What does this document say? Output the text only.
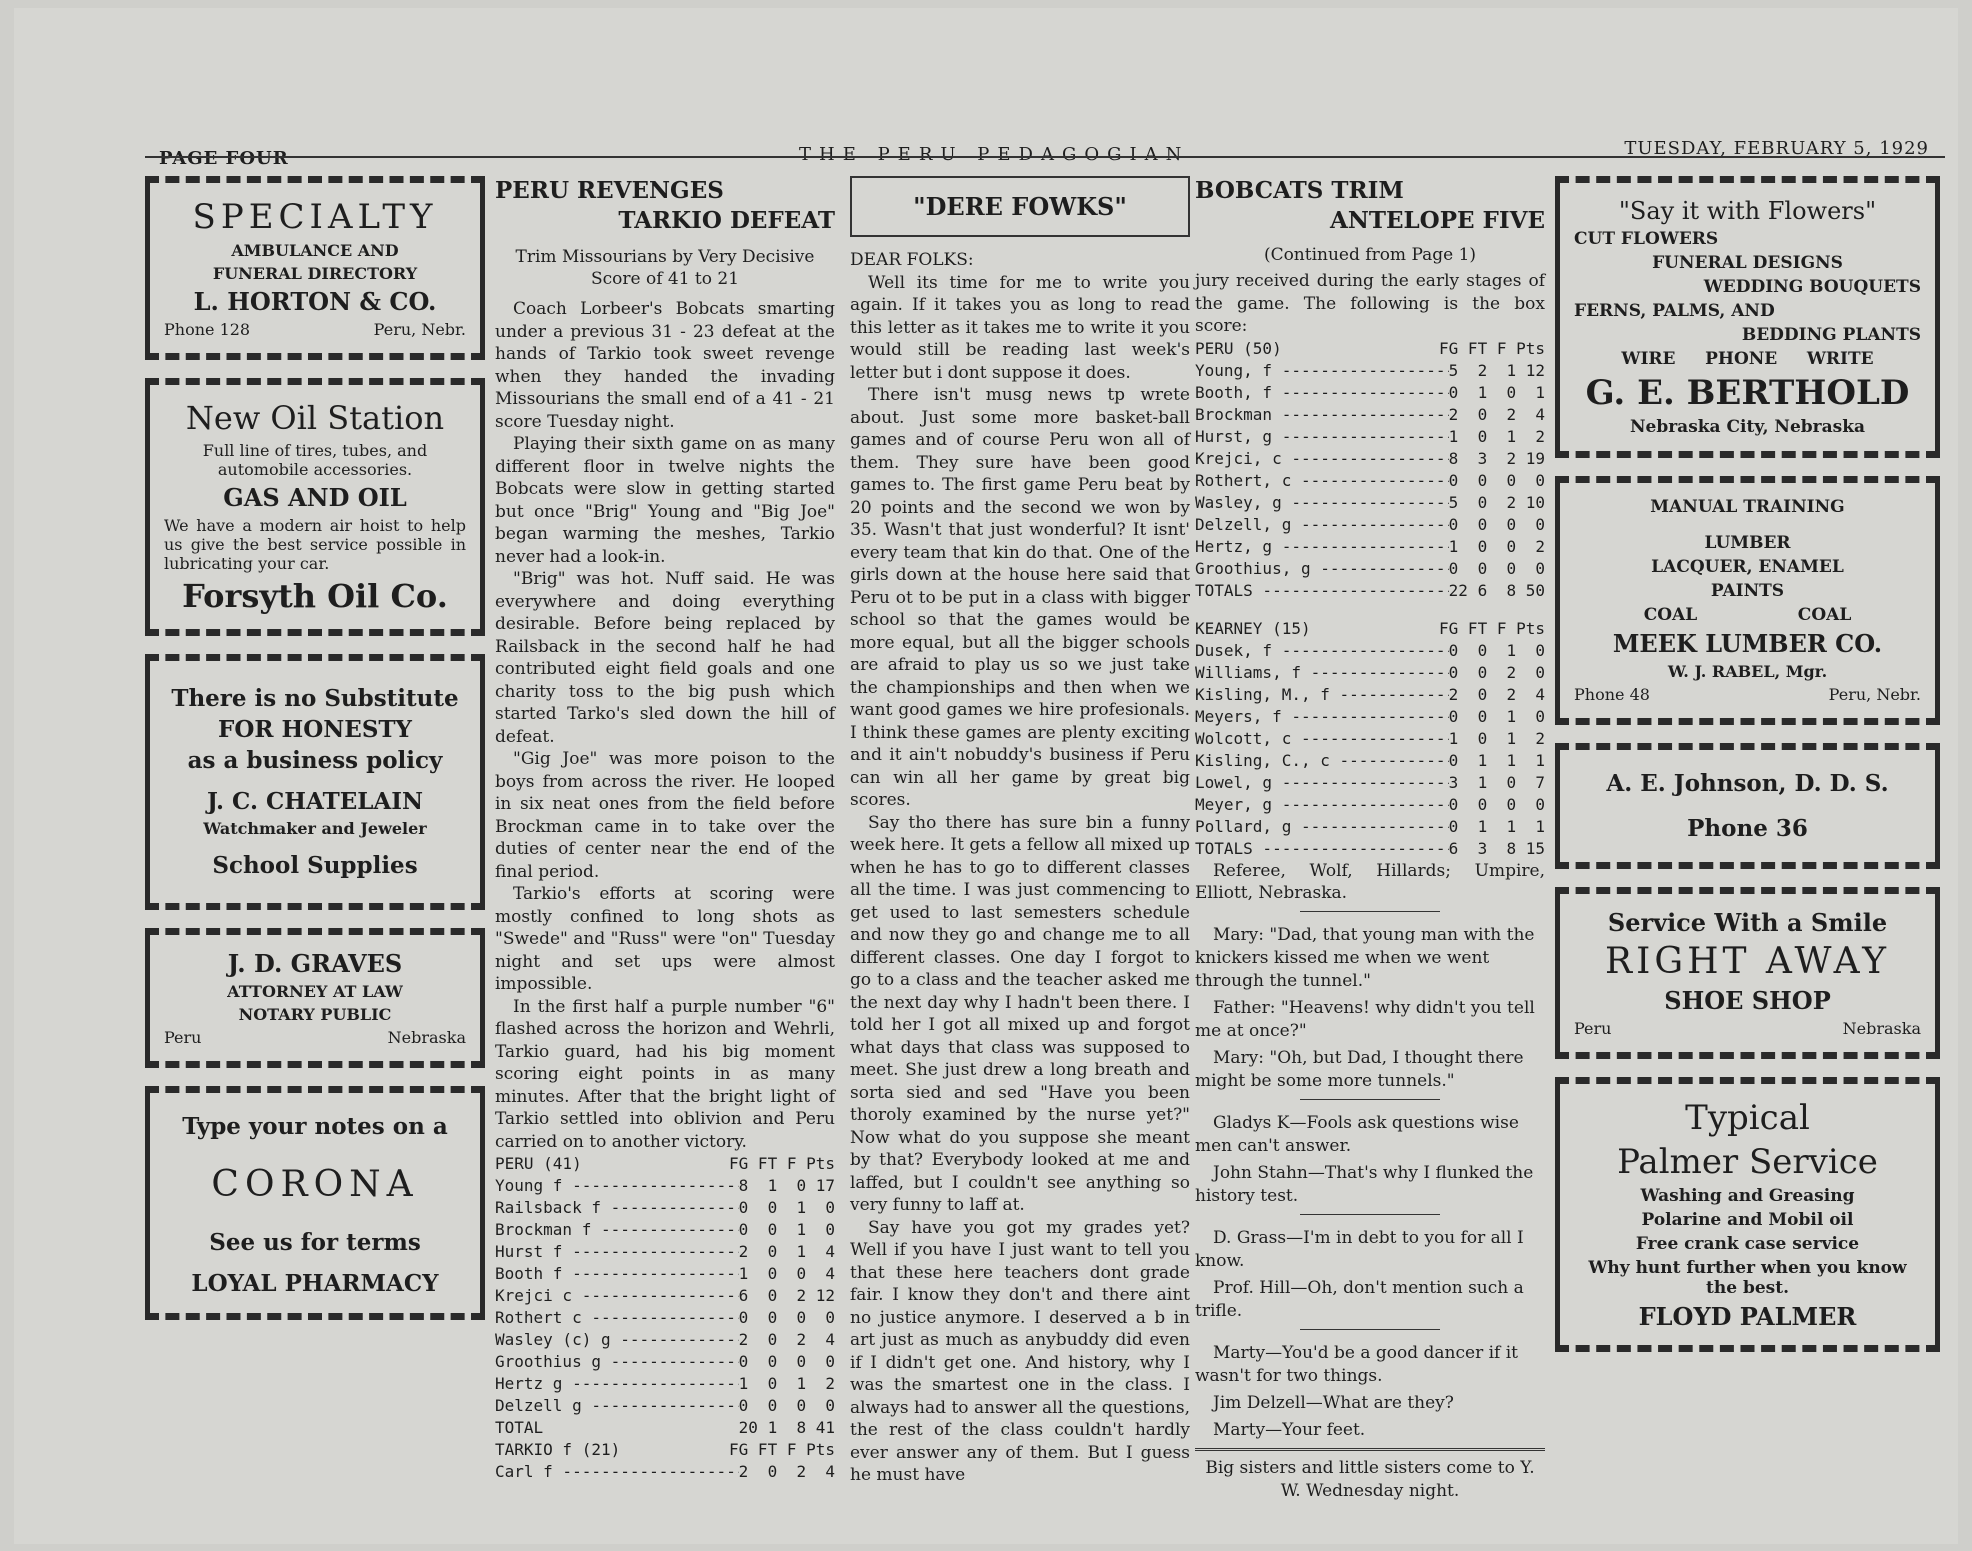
PAGE FOUR	THE PERU PEDAGOGIAN	TUESDAY, FEBRUARY 5, 1929
SPECIALTY
AMBULANCE AND
FUNERAL DIRECTORY
L. HORTON & CO.
Phone 128	Peru, Nebr.
New Oil Station
Full line of tires, tubes, and automobile accessories.
GAS AND OIL
We have a modern air hoist to help us give the best service possible in lubricating your car.
Forsyth Oil Co.
There is no Substitute
FOR HONESTY
as a business policy
J. C. CHATELAIN
Watchmaker and Jeweler
School Supplies
J. D. GRAVES
ATTORNEY AT LAW
NOTARY PUBLIC
Peru	Nebraska
Type your notes on a
CORONA
See us for terms
LOYAL PHARMACY
PERU REVENGES
TARKIO DEFEAT
Trim Missourians by Very Decisive Score of 41 to 21

Coach Lorbeer's Bobcats smarting under a previous 31 - 23 defeat at the hands of Tarkio took sweet revenge when they handed the invading Missourians the small end of a 41 - 21 score Tuesday night.

Playing their sixth game on as many different floor in twelve nights the Bobcats were slow in getting started but once "Brig" Young and "Big Joe" began warming the meshes, Tarkio never had a look-in.

"Brig" was hot. Nuff said. He was everywhere and doing everything desirable. Before being replaced by Railsback in the second half he had contributed eight field goals and one charity toss to the big push which started Tarko's sled down the hill of defeat.

"Gig Joe" was more poison to the boys from across the river. He looped in six neat ones from the field before Brockman came in to take over the duties of center near the end of the final period.

Tarkio's efforts at scoring were mostly confined to long shots as "Swede" and "Russ" were "on" Tuesday night and set ups were almost impossible.

In the first half a purple number "6" flashed across the horizon and Wehrli, Tarkio guard, had his big moment scoring eight points in as many minutes. After that the bright light of Tarkio settled into oblivion and Peru carried on to another victory.

PERU (41)	FG FT F Pts
Young f -----	8  1  0 17
Railsback f -----	0  0  1  0
Brockman f -----	0  0  1  0
Hurst f -----	2  0  1  4
Booth f -----	1  0  0  4
Krejci c -----	6  0  2 12
Rothert c -----	0  0  0  0
Wasley (c) g -----	2  0  2  4
Groothius g -----	0  0  0  0
Hertz g -----	1  0  1  2
Delzell g -----	0  0  0  0
TOTAL	20 1  8 41
TARKIO f (21)	FG FT F Pts
Carl f -----	2  0  2  4
"DERE FOWKS"

DEAR FOLKS:

Well its time for me to write you again. If it takes you as long to read this letter as it takes me to write it you would still be reading last week's letter but i dont suppose it does.

There isn't musg news tp wrete about. Just some more basket-ball games and of course Peru won all of them. They sure have been good games to. The first game Peru beat by 20 points and the second we won by 35. Wasn't that just wonderful? It isnt' every team that kin do that. One of the girls down at the house here said that Peru ot to be put in a class with bigger school so that the games would be more equal, but all the bigger schools are afraid to play us so we just take the championships and then when we want good games we hire profesionals. I think these games are plenty exciting and it ain't nobuddy's business if Peru can win all her game by great big scores.

Say tho there has sure bin a funny week here. It gets a fellow all mixed up when he has to go to different classes all the time. I was just commencing to get used to last semesters schedule and now they go and change me to all different classes. One day I forgot to go to a class and the teacher asked me the next day why I hadn't been there. I told her I got all mixed up and forgot what days that class was supposed to meet. She just drew a long breath and sorta sied and sed "Have you been thoroly examined by the nurse yet?" Now what do you suppose she meant by that? Everybody looked at me and laffed, but I couldn't see anything so very funny to laff at.

Say have you got my grades yet? Well if you have I just want to tell you that these here teachers dont grade fair. I know they don't and there aint no justice anymore. I deserved a b in art just as much as anybuddy did even if I didn't get one. And history, why I was the smartest one in the class. I always had to answer all the questions, the rest of the class couldn't hardly ever answer any of them. But I guess he must have

BOBCATS TRIM
ANTELOPE FIVE
(Continued from Page 1)

jury received during the early stages of the game. The following is the box score:

PERU (50)	FG FT F Pts
Young, f -----	5  2  1 12
Booth, f -----	0  1  0  1
Brockman -----	2  0  2  4
Hurst, g -----	1  0  1  2
Krejci, c -----	8  3  2 19
Rothert, c -----	0  0  0  0
Wasley, g -----	5  0  2 10
Delzell, g -----	0  0  0  0
Hertz, g -----	1  0  0  2
Groothius, g -----	0  0  0  0
TOTALS -----	22 6  8 50
KEARNEY (15)	FG FT F Pts
Dusek, f -----	0  0  1  0
Williams, f -----	0  0  2  0
Kisling, M., f -----	2  0  2  4
Meyers, f -----	0  0  1  0
Wolcott, c -----	1  0  1  2
Kisling, C., c -----	0  1  1  1
Lowel, g -----	3  1  0  7
Meyer, g -----	0  0  0  0
Pollard, g -----	0  1  1  1
TOTALS -----	6  3  8 15

Referee, Wolf, Hillards; Umpire, Elliott, Nebraska.

Mary: "Dad, that young man with the knickers kissed me when we went through the tunnel."

Father: "Heavens! why didn't you tell me at once?"

Mary: "Oh, but Dad, I thought there might be some more tunnels."

Gladys K—Fools ask questions wise men can't answer.

John Stahn—That's why I flunked the history test.

D. Grass—I'm in debt to you for all I know.

Prof. Hill—Oh, don't mention such a trifle.

Marty—You'd be a good dancer if it wasn't for two things.

Jim Delzell—What are they?

Marty—Your feet.

Big sisters and little sisters come to Y. W. Wednesday night.

"Say it with Flowers"
CUT FLOWERS
FUNERAL DESIGNS
WEDDING BOUQUETS
FERNS, PALMS, AND
BEDDING PLANTS
WIRE     PHONE     WRITE
G. E. BERTHOLD
Nebraska City, Nebraska
MANUAL TRAINING
LUMBER
LACQUER, ENAMEL
PAINTS
COAL                 COAL
MEEK LUMBER CO.
W. J. RABEL, Mgr.
Phone 48	Peru, Nebr.
A. E. Johnson, D. D. S.
Phone 36
Service With a Smile
RIGHT AWAY
SHOE SHOP
Peru	Nebraska
Typical
Palmer Service
Washing and Greasing
Polarine and Mobil oil
Free crank case service
Why hunt further when you know the best.
FLOYD PALMER
